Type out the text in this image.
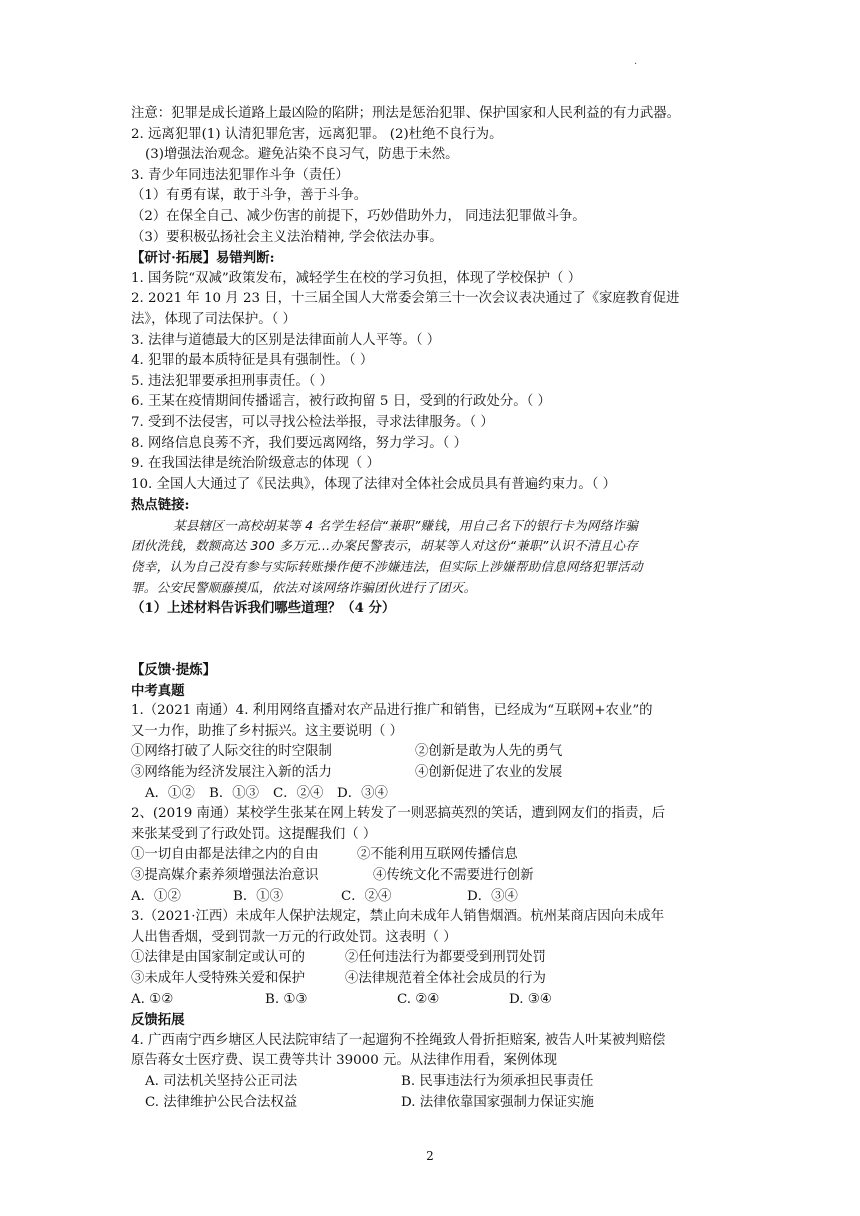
.
注意：犯罪是成长道路上最凶险的陷阱；刑法是惩治犯罪、保护国家和人民利益的有力武器。
2. 远离犯罪(1) 认清犯罪危害，远离犯罪。 (2)杜绝不良行为。
(3)增强法治观念。避免沾染不良习气，防患于未然。
3. 青少年同违法犯罪作斗争（责任）
（1）有勇有谋，敢于斗争，善于斗争。
（2）在保全自己、减少伤害的前提下，巧妙借助外力， 同违法犯罪做斗争。
（3）要积极弘扬社会主义法治精神, 学会依法办事。
【研讨·拓展】易错判断:
1. 国务院“双减”政策发布，减轻学生在校的学习负担，体现了学校保护（ ）
2. 2021 年 10 月 23 日，十三届全国人大常委会第三十一次会议表决通过了《家庭教育促进
法》，体现了司法保护。（ ）
3. 法律与道德最大的区别是法律面前人人平等。（ ）
4. 犯罪的最本质特征是具有强制性。（ ）
5. 违法犯罪要承担刑事责任。（ ）
6. 王某在疫情期间传播谣言，被行政拘留 5 日，受到的行政处分。（ ）
7. 受到不法侵害，可以寻找公检法举报，寻求法律服务。（ ）
8. 网络信息良莠不齐，我们要远离网络，努力学习。（ ）
9. 在我国法律是统治阶级意志的体现（ ）
10. 全国人大通过了《民法典》，体现了法律对全体社会成员具有普遍约束力。（ ）
热点链接:
某县辖区一高校胡某等 4 名学生轻信“兼职”赚钱，用自己名下的银行卡为网络诈骗
团伙洗钱，数额高达 300 多万元…办案民警表示，胡某等人对这份“兼职”认识不清且心存
侥幸，认为自己没有参与实际转账操作便不涉嫌违法，但实际上涉嫌帮助信息网络犯罪活动
罪。公安民警顺藤摸瓜，依法对该网络诈骗团伙进行了团灭。
（1）上述材料告诉我们哪些道理？（4 分）
【反馈·提炼】
中考真题
1.（2021 南通）4. 利用网络直播对农产品进行推广和销售，已经成为“互联网+农业”的
又一力作，助推了乡村振兴。这主要说明（ ）
①网络打破了人际交往的时空限制	②创新是敢为人先的勇气
③网络能为经济发展注入新的活力	④创新促进了农业的发展
A．①②	B．①③	C．②④	D．③④
2、(2019 南通）某校学生张某在网上转发了一则恶搞英烈的笑话，遭到网友们的指责，后
来张某受到了行政处罚。这提醒我们（ ）
①一切自由都是法律之内的自由	②不能利用互联网传播信息
③提高媒介素养须增强法治意识	④传统文化不需要进行创新
A．①②	B．①③	C．②④	D．③④
3.（2021·江西）未成年人保护法规定，禁止向未成年人销售烟酒。杭州某商店因向未成年
人出售香烟，受到罚款一万元的行政处罚。这表明（ ）
①法律是由国家制定或认可的	②任何违法行为都要受到刑罚处罚
③未成年人受特殊关爱和保护	④法律规范着全体社会成员的行为
A. ①②	B. ①③	C. ②④	D. ③④
反馈拓展
4. 广西南宁西乡塘区人民法院审结了一起遛狗不拴绳致人骨折拒赔案, 被告人叶某被判赔偿
原告蒋女士医疗费、误工费等共计 39000 元。从法律作用看，案例体现
A. 司法机关坚持公正司法	B. 民事违法行为须承担民事责任
C. 法律维护公民合法权益	D. 法律依靠国家强制力保证实施
2
